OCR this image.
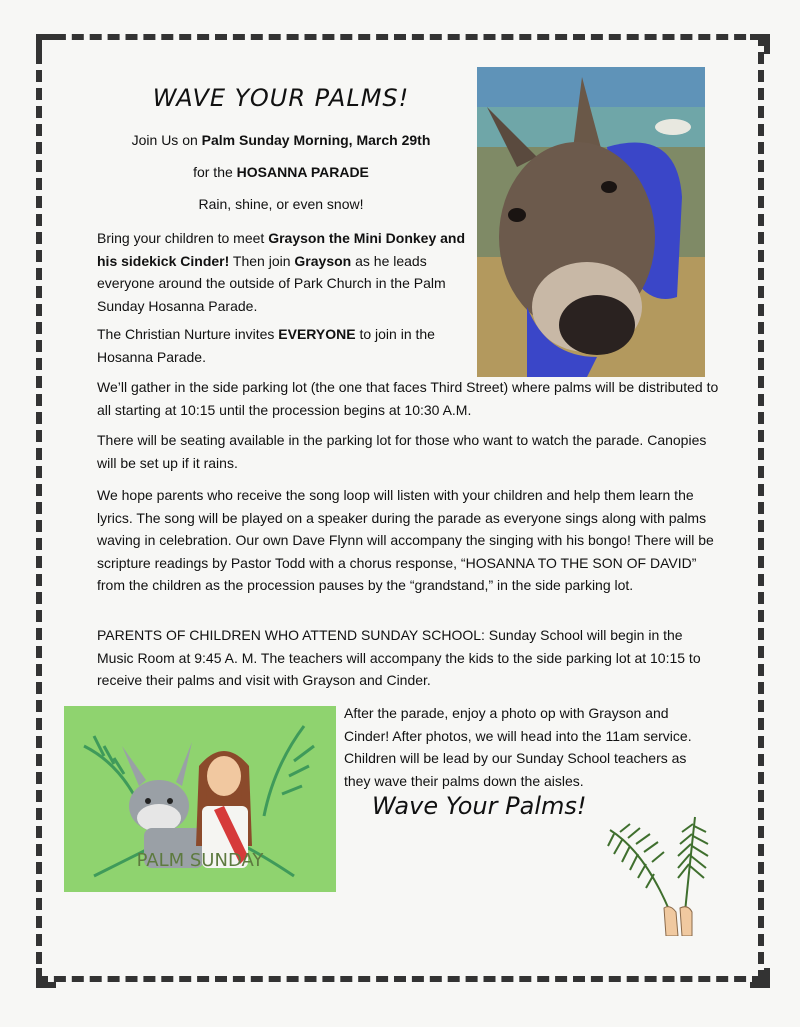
WAVE YOUR PALMS!
Join Us on Palm Sunday Morning, March 29th
for the HOSANNA PARADE
Rain, shine, or even snow!
Bring your children to meet Grayson the Mini Donkey and his sidekick Cinder! Then join Grayson as he leads everyone around the outside of Park Church in the Palm Sunday Hosanna Parade.
The Christian Nurture invites EVERYONE to join in the Hosanna Parade.
We’ll gather in the side parking lot (the one that faces Third Street) where palms will be distributed to all starting at 10:15 until the procession begins at 10:30 A.M.
There will be seating available in the parking lot for those who want to watch the parade. Canopies will be set up if it rains.
We hope parents who receive the song loop will listen with your children and help them learn the lyrics. The song will be played on a speaker during the parade as everyone sings along with palms waving in celebration. Our own Dave Flynn will accompany the singing with his bongo! There will be scripture readings by Pastor Todd with a chorus response, “HOSANNA TO THE SON OF DAVID” from the children as the procession pauses by the “grandstand,” in the side parking lot.
PARENTS OF CHILDREN WHO ATTEND SUNDAY SCHOOL: Sunday School will begin in the Music Room at 9:45 A. M. The teachers will accompany the kids to the side parking lot at 10:15 to receive their palms and visit with Grayson and Cinder.
After the parade, enjoy a photo op with Grayson and Cinder! After photos, we will head into the 11am service. Children will be lead by our Sunday School teachers as they wave their palms down the aisles.
Wave Your Palms!
PALM SUNDAY
